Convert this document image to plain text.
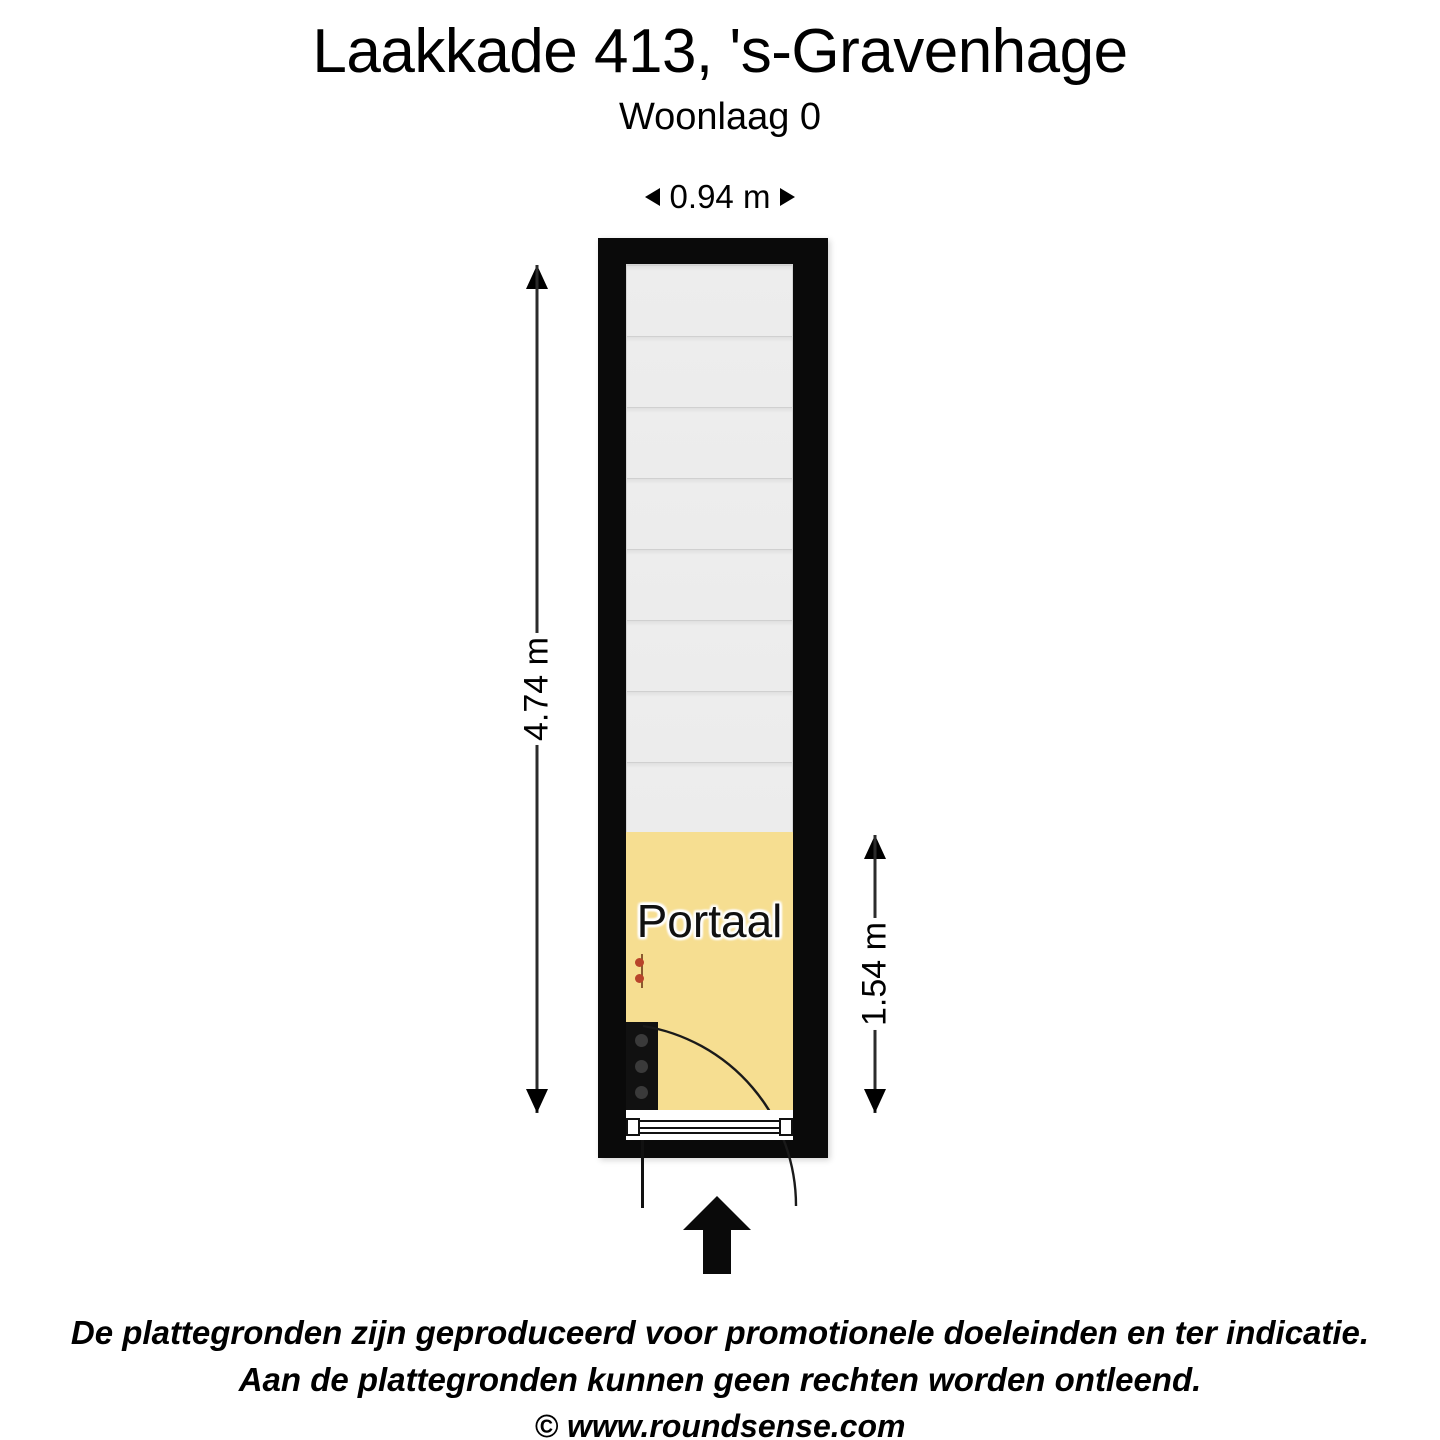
Laakkade 413, 's-Gravenhage
Woonlaag 0
0.94 m
4.74 m
1.54 m
Portaal
De plattegronden zijn geproduceerd voor promotionele doeleinden en ter indicatie.
Aan de plattegronden kunnen geen rechten worden ontleend.
© www.roundsense.com
